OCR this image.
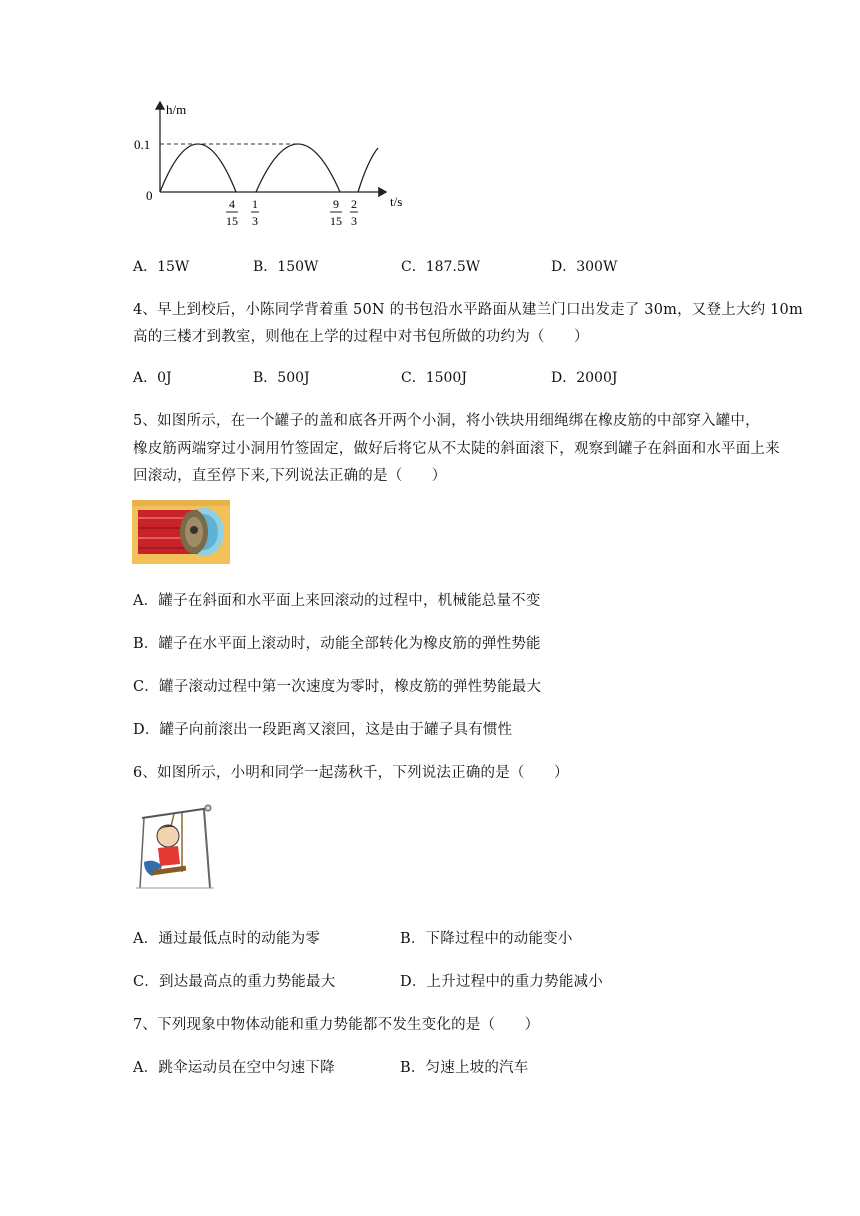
h/m
0.1
0	t/s
4
15
1
3
9
15
2
3
A．15W	B．150W	C．187.5W	D．300W
4、早上到校后，小陈同学背着重 50N 的书包沿水平路面从建兰门口出发走了 30m，又登上大约 10m
高的三楼才到教室，则他在上学的过程中对书包所做的功约为（　　）
A．0J	B．500J	C．1500J	D．2000J
5、如图所示，在一个罐子的盖和底各开两个小洞，将小铁块用细绳绑在橡皮筋的中部穿入罐中，
橡皮筋两端穿过小洞用竹签固定，做好后将它从不太陡的斜面滚下，观察到罐子在斜面和水平面上来
回滚动，直至停下来,下列说法正确的是（　　）
A．罐子在斜面和水平面上来回滚动的过程中，机械能总量不变
B．罐子在水平面上滚动时，动能全部转化为橡皮筋的弹性势能
C．罐子滚动过程中第一次速度为零时，橡皮筋的弹性势能最大
D．罐子向前滚出一段距离又滚回，这是由于罐子具有惯性
6、如图所示，小明和同学一起荡秋千，下列说法正确的是（　　）
A．通过最低点时的动能为零	B．下降过程中的动能变小
C．到达最高点的重力势能最大	D．上升过程中的重力势能减小
7、下列现象中物体动能和重力势能都不发生变化的是（　　）
A．跳伞运动员在空中匀速下降	B．匀速上坡的汽车
